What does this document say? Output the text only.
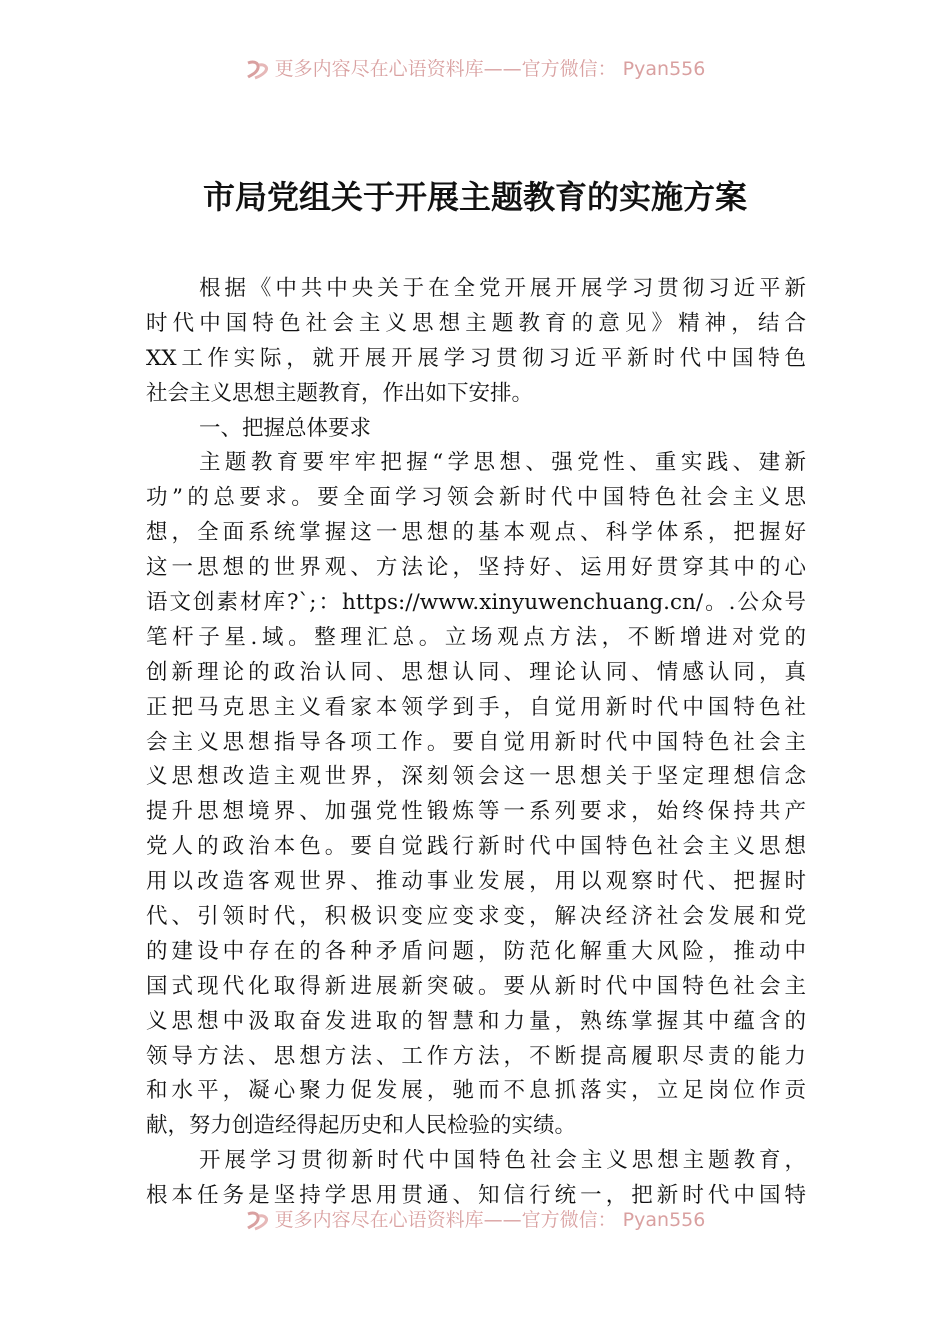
更多内容尽在心语资料库——官方微信： Pyan556
市局党组关于开展主题教育的实施方案
根据《中共中央关于在全党开展开展学习贯彻习近平新
时代中国特色社会主义思想主题教育的意见》精神，结合
XX工作实际，就开展开展学习贯彻习近平新时代中国特色
社会主义思想主题教育，作出如下安排。
一、把握总体要求
主题教育要牢牢把握“学思想、强党性、重实践、建新
功”的总要求。要全面学习领会新时代中国特色社会主义思
想，全面系统掌握这一思想的基本观点、科学体系，把握好
这一思想的世界观、方法论，坚持好、运用好贯穿其中的心
语文创素材库?`;：https://www.xinyuwenchuang.cn/。.公众号
笔杆子星.域。整理汇总。立场观点方法，不断增进对党的
创新理论的政治认同、思想认同、理论认同、情感认同，真
正把马克思主义看家本领学到手，自觉用新时代中国特色社
会主义思想指导各项工作。要自觉用新时代中国特色社会主
义思想改造主观世界，深刻领会这一思想关于坚定理想信念
提升思想境界、加强党性锻炼等一系列要求，始终保持共产
党人的政治本色。要自觉践行新时代中国特色社会主义思想
用以改造客观世界、推动事业发展，用以观察时代、把握时
代、引领时代，积极识变应变求变，解决经济社会发展和党
的建设中存在的各种矛盾问题，防范化解重大风险，推动中
国式现代化取得新进展新突破。要从新时代中国特色社会主
义思想中汲取奋发进取的智慧和力量，熟练掌握其中蕴含的
领导方法、思想方法、工作方法，不断提高履职尽责的能力
和水平，凝心聚力促发展，驰而不息抓落实，立足岗位作贡
献，努力创造经得起历史和人民检验的实绩。
开展学习贯彻新时代中国特色社会主义思想主题教育，
根本任务是坚持学思用贯通、知信行统一，把新时代中国特
更多内容尽在心语资料库——官方微信： Pyan556
